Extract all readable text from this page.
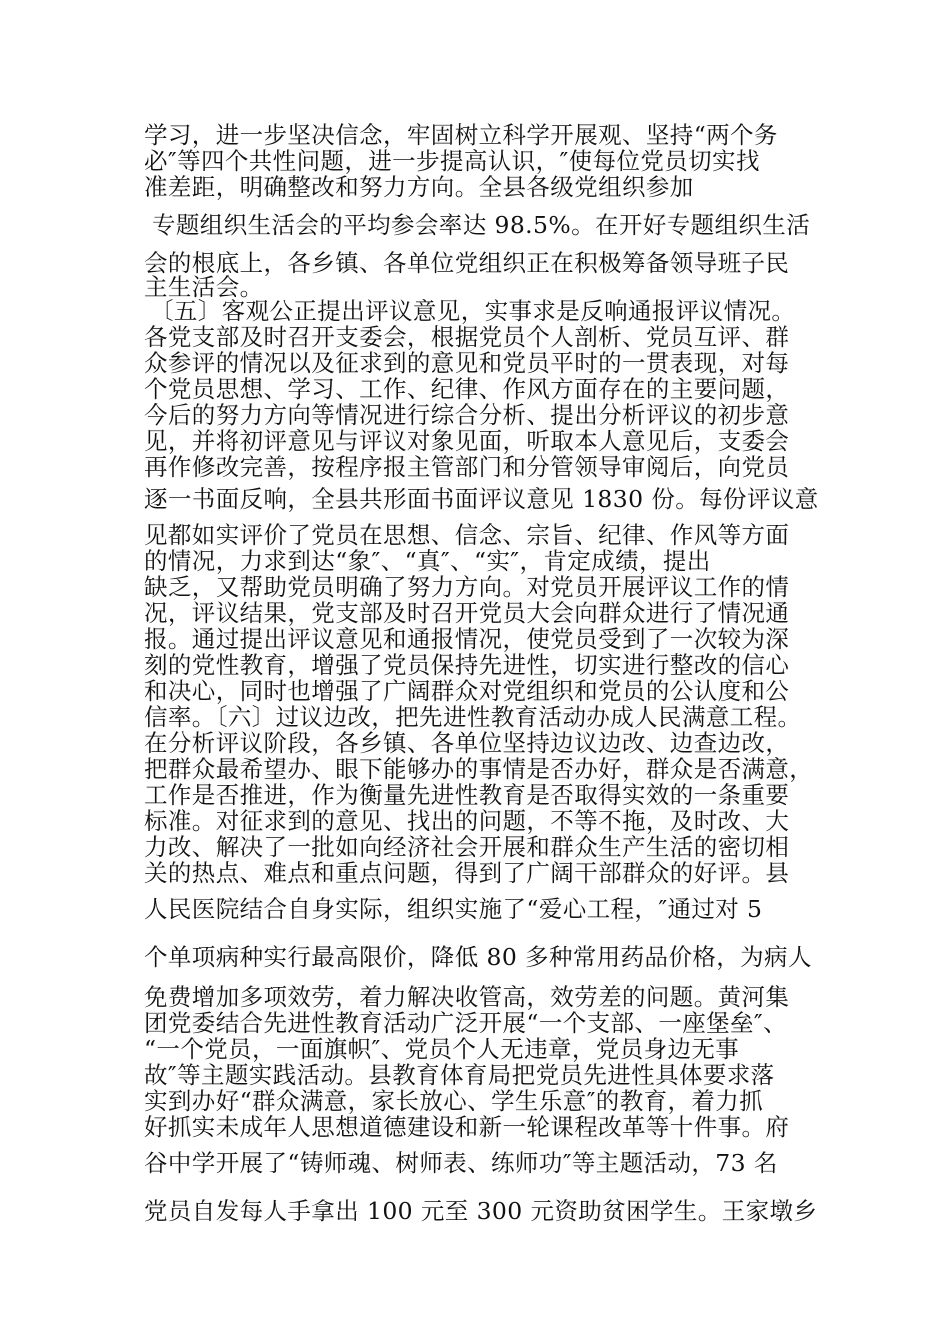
学习，进一步坚决信念，牢固树立科学开展观、坚持“两个务
必″等四个共性问题，进一步提高认识，″使每位党员切实找
准差距，明确整改和努力方向。全县各级党组织参加
专题组织生活会的平均参会率达 98.5%。在开好专题组织生活
会的根底上，各乡镇、各单位党组织正在积极筹备领导班子民
主生活会。
〔五〕客观公正提出评议意见，实事求是反响通报评议情况。
各党支部及时召开支委会，根据党员个人剖析、党员互评、群
众参评的情况以及征求到的意见和党员平时的一贯表现，对每
个党员思想、学习、工作、纪律、作风方面存在的主要问题，
今后的努力方向等情况进行综合分析、提出分析评议的初步意
见，并将初评意见与评议对象见面，听取本人意见后，支委会
再作修改完善，按程序报主管部门和分管领导审阅后，向党员
逐一书面反响，全县共形面书面评议意见 1830 份。每份评议意
见都如实评价了党员在思想、信念、宗旨、纪律、作风等方面
的情况，力求到达“象″、“真″、“实″，肯定成绩，提出
缺乏，又帮助党员明确了努力方向。对党员开展评议工作的情
况，评议结果，党支部及时召开党员大会向群众进行了情况通
报。通过提出评议意见和通报情况，使党员受到了一次较为深
刻的党性教育，增强了党员保持先进性，切实进行整改的信心
和决心，同时也增强了广阔群众对党组织和党员的公认度和公
信率。〔六〕过议边改，把先进性教育活动办成人民满意工程。
在分析评议阶段，各乡镇、各单位坚持边议边改、边查边改，
把群众最希望办、眼下能够办的事情是否办好，群众是否满意，
工作是否推进，作为衡量先进性教育是否取得实效的一条重要
标准。对征求到的意见、找出的问题，不等不拖，及时改、大
力改、解决了一批如向经济社会开展和群众生产生活的密切相
关的热点、难点和重点问题，得到了广阔干部群众的好评。县
人民医院结合自身实际，组织实施了“爱心工程，″通过对 5
个单项病种实行最高限价，降低 80 多种常用药品价格，为病人
免费增加多项效劳，着力解决收管高，效劳差的问题。黄河集
团党委结合先进性教育活动广泛开展“一个支部、一座堡垒″、
“一个党员，一面旗帜″、党员个人无违章，党员身边无事
故″等主题实践活动。县教育体育局把党员先进性具体要求落
实到办好“群众满意，家长放心、学生乐意″的教育，着力抓
好抓实未成年人思想道德建设和新一轮课程改革等十件事。府
谷中学开展了“铸师魂、树师表、练师功″等主题活动，73 名
党员自发每人手拿出 100 元至 300 元资助贫困学生。王家墩乡
